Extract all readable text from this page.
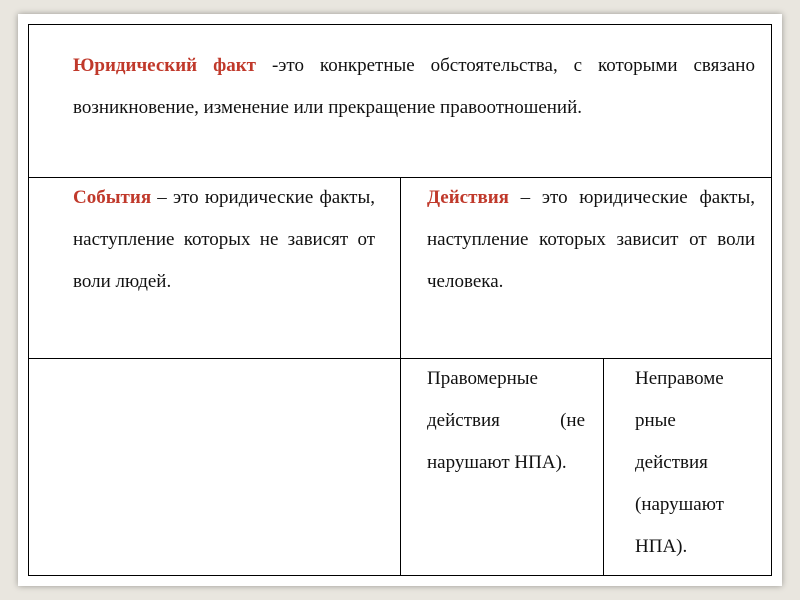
Юридический факт -это конкретные обстоятельства, с которыми связано возникновение, изменение или прекращение правоотношений.
События – это юридические факты, наступление которых не зависят от воли людей.
Действия – это юридические факты, наступление которых зависит от воли человека.
Правомерные действия (не нарушают НПА).
Неправоме
рные
действия
(нарушают
НПА).
